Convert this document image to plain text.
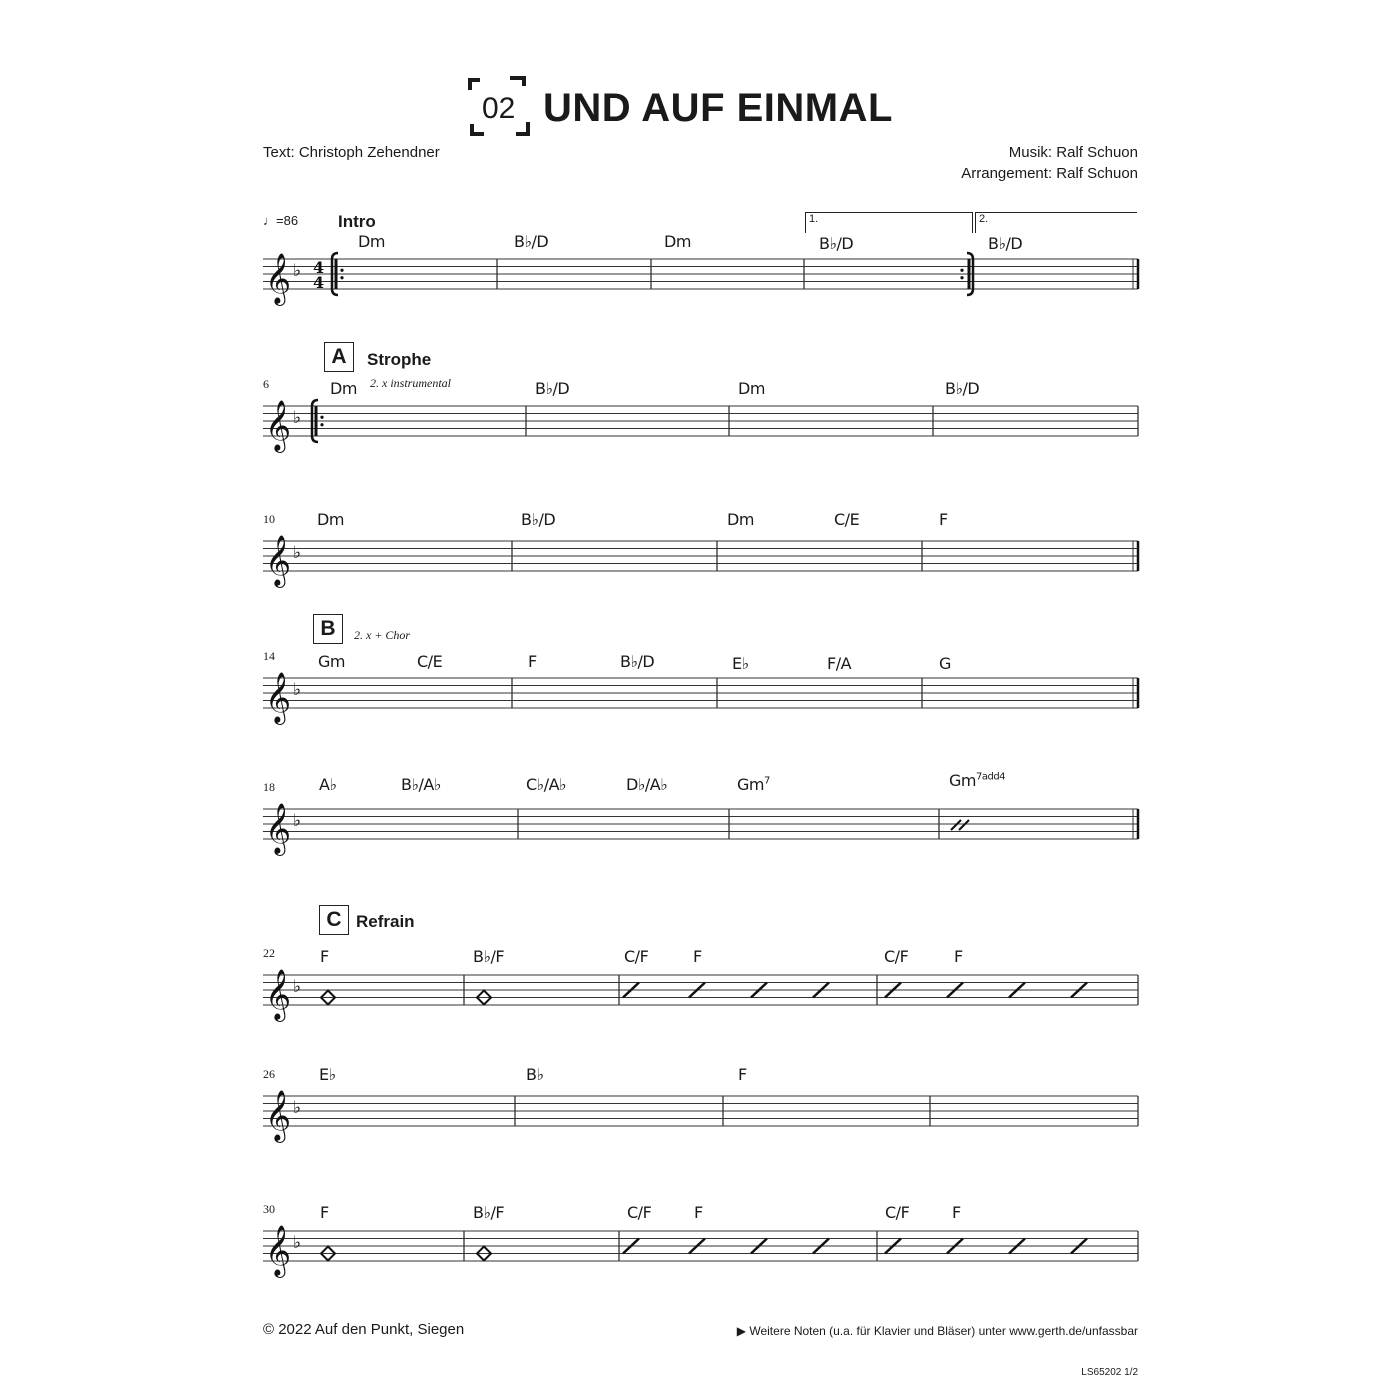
02 UND AUF EINMAL
Text: Christoph Zehendner	Musik: Ralf Schuon
Arrangement: Ralf Schuon
♩=86 Intro
A	Strophe
2. x instrumental
B	2. x + Chor
C Refrain
1.	2.
6
10
14
18
22
26
30
Dm	B♭/D	Dm	B♭/D	B♭/D
Dm	B♭/D	Dm	B♭/D
Dm	B♭/D	Dm	C/E	F
Gm	C/E	F	B♭/D	E♭	F/A	G
A♭	B♭/A♭	C♭/A♭	D♭/A♭	Gm$^7$	$Gm^{7add4}$
F	B♭/F	C/F	F	C/F	F
E♭	B♭	F
F	B♭/F	C/F	F	C/F	F
𝄞 ♭ 4
4
𝄞 ♭
𝄞 ♭
𝄞 ♭
𝄞 ♭
𝄞 ♭
𝄞 ♭
𝄞 ♭
© 2022 Auf den Punkt, Siegen	▶ Weitere Noten (u.a. für Klavier und Bläser) unter www.gerth.de/unfassbar
LS65202 1/2
